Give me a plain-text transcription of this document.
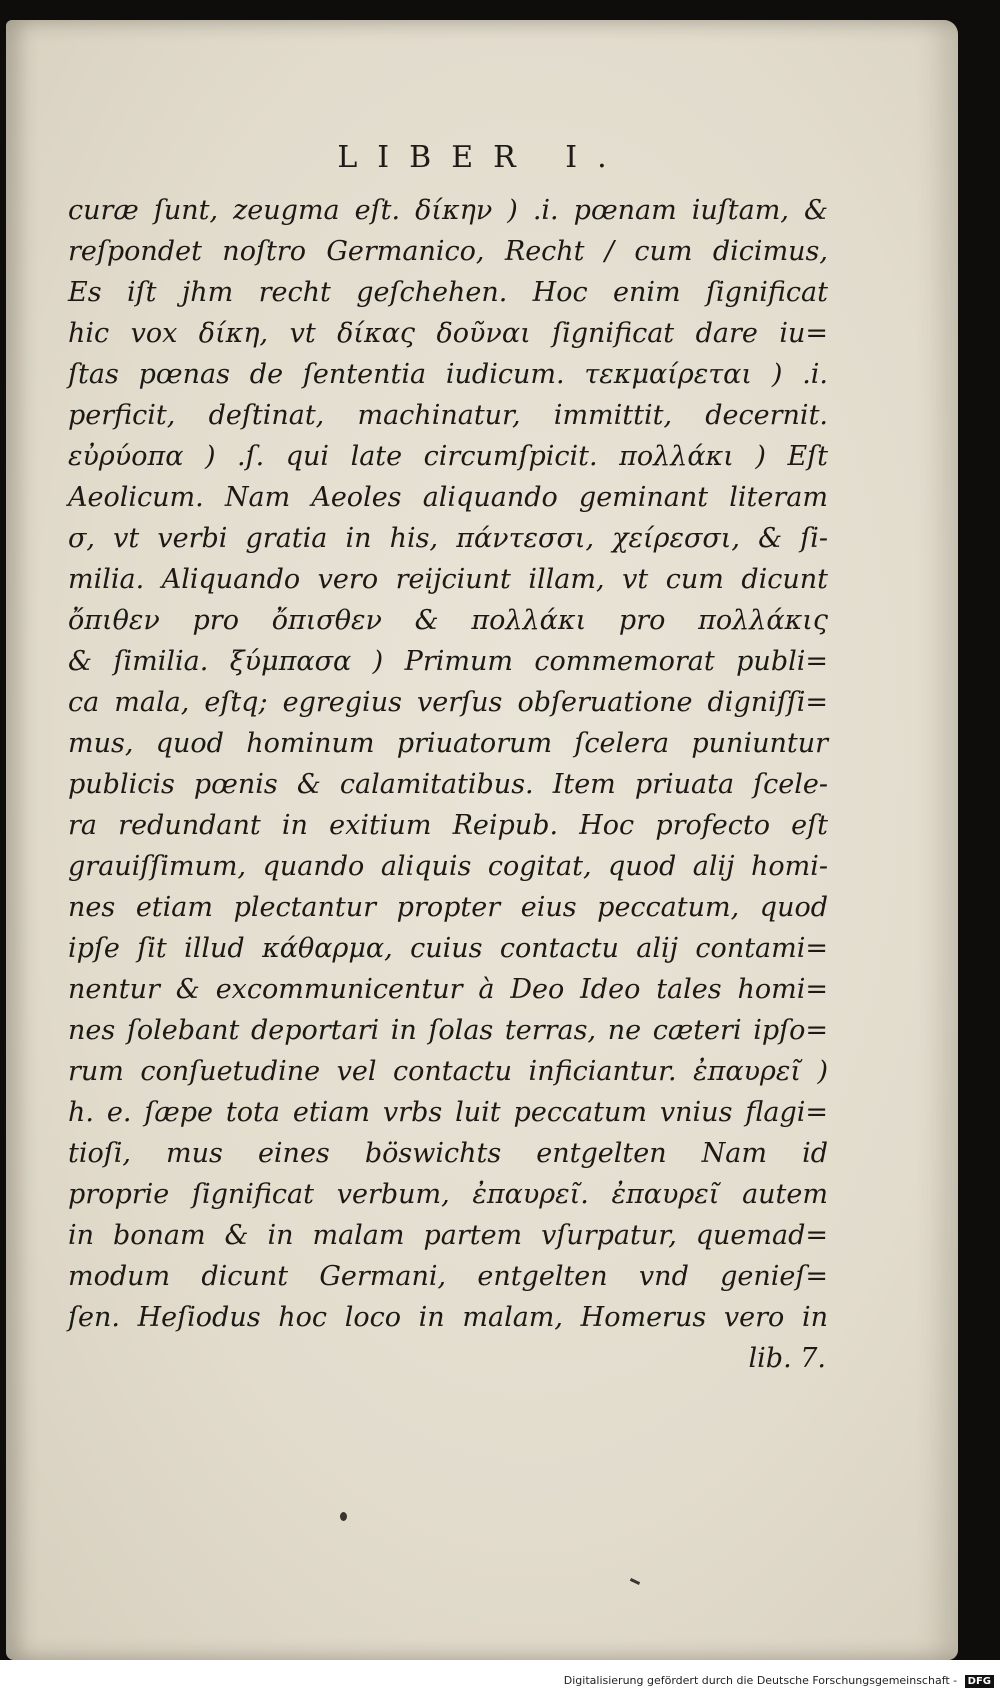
LIBER I.
curæ ſunt, zeugma eſt. δίκην ) .i. pœnam iuſtam, &
reſpondet noſtro Germanico, Recht / cum dicimus,
Es iſt jhm recht geſchehen. Hoc enim ſignificat
hic vox δίκη, vt δίκας δοῦναι ſignificat dare iu=
ſtas pœnas de ſententia iudicum. τεκμαίρεται ) .i.
perficit, deſtinat, machinatur, immittit, decernit.
εὐρύοπα ) .ſ. qui late circumſpicit. πολλάκι ) Eſt
Aeolicum. Nam Aeoles aliquando geminant literam
σ, vt verbi gratia in his, πάντεσσι, χείρεσσι, & ſi-
milia. Aliquando vero reijciunt illam, vt cum dicunt
ὄπιθεν pro ὄπισθεν & πολλάκι pro πολλάκις
& ſimilia. ξύμπασα ) Primum commemorat publi=
ca mala, eſtq; egregius verſus obſeruatione digniſſi=
mus, quod hominum priuatorum ſcelera puniuntur
publicis pœnis & calamitatibus. Item priuata ſcele-
ra redundant in exitium Reipub. Hoc profecto eſt
grauiſſimum, quando aliquis cogitat, quod alij homi-
nes etiam plectantur propter eius peccatum, quod
ipſe ſit illud κάθαρμα, cuius contactu alij contami=
nentur & excommunicentur à Deo Ideo tales homi=
nes ſolebant deportari in ſolas terras, ne cæteri ipſo=
rum conſuetudine vel contactu inficiantur. ἐπαυρεῖ )
h. e. ſæpe tota etiam vrbs luit peccatum vnius flagi=
tioſi, mus eines böswichts entgelten Nam id
proprie ſignificat verbum, ἐπαυρεῖ. ἐπαυρεῖ autem
in bonam & in malam partem vſurpatur, quemad=
modum dicunt Germani, entgelten vnd genieſ=
ſen. Heſiodus hoc loco in malam, Homerus vero in
lib. 7.
Digitalisierung gefördert durch die Deutsche Forschungsgemeinschaft - DFG
